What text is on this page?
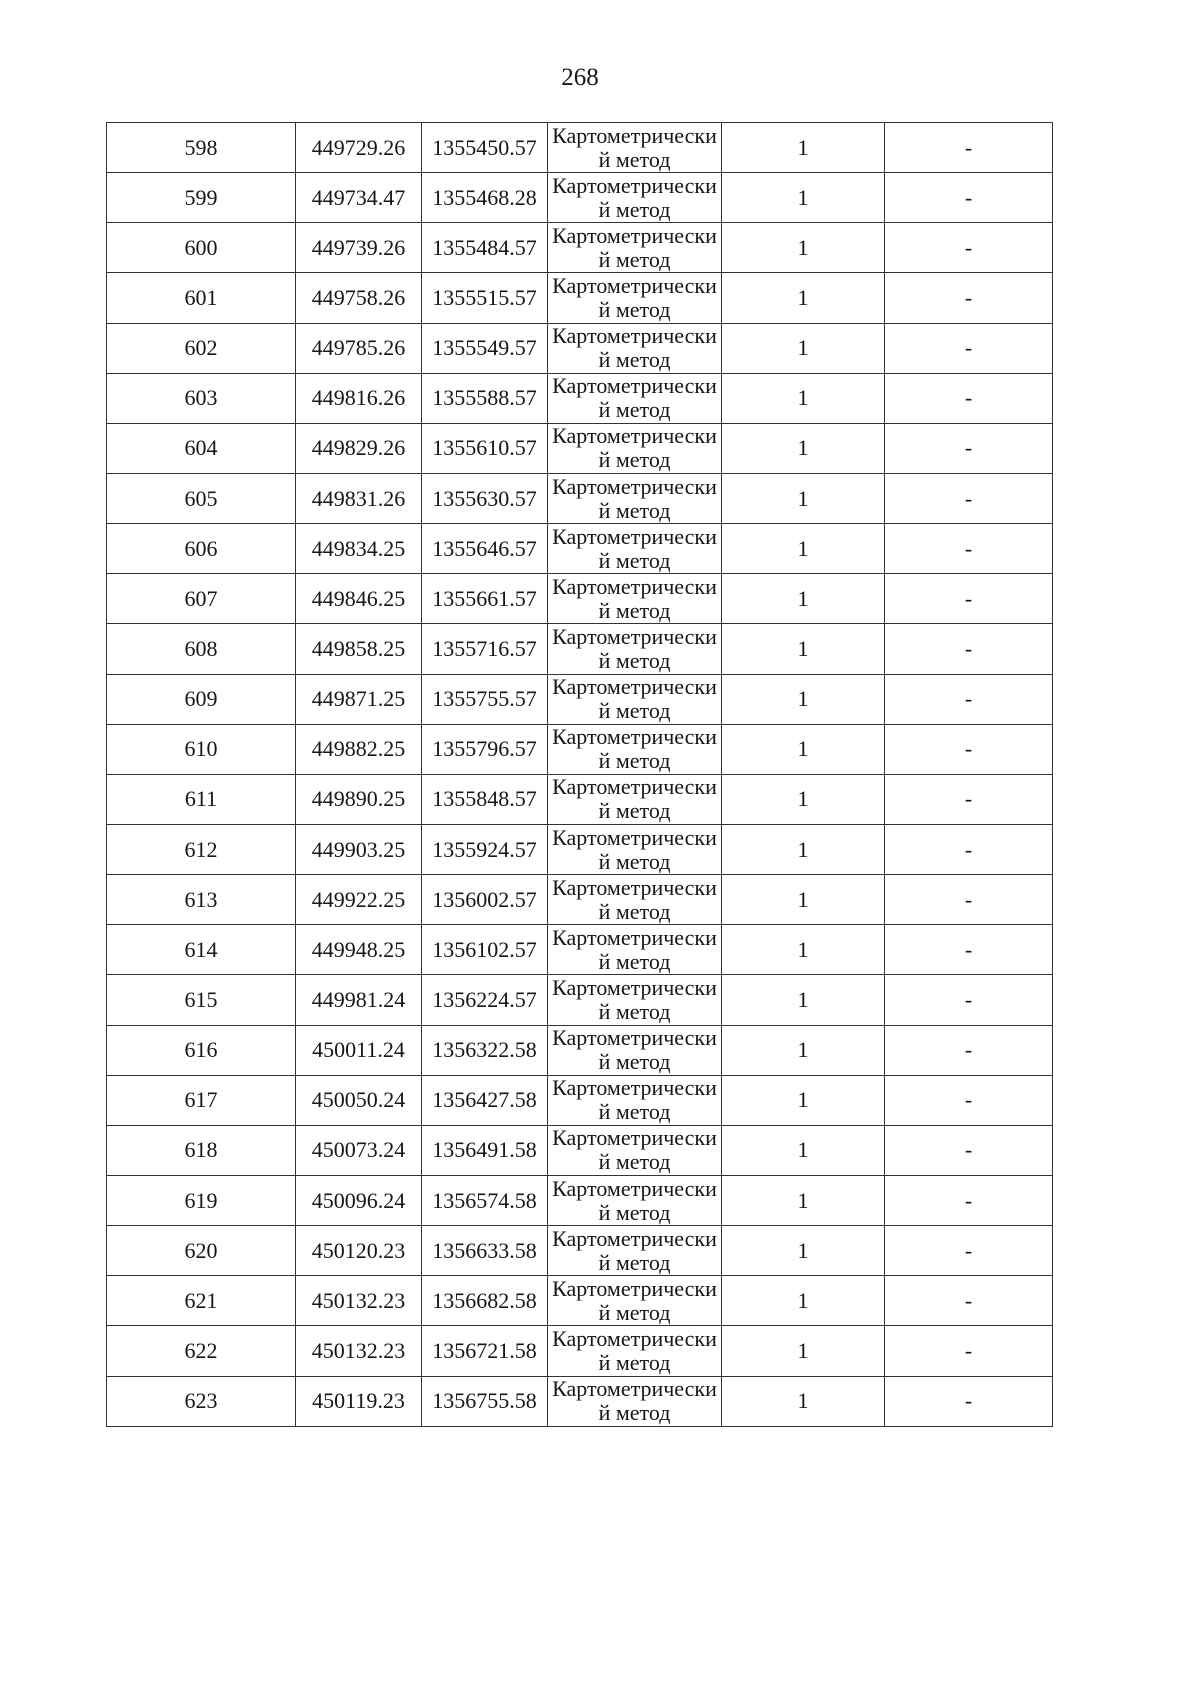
268
598	449729.26	1355450.57	Картометрический метод	1	-
599	449734.47	1355468.28	Картометрический метод	1	-
600	449739.26	1355484.57	Картометрический метод	1	-
601	449758.26	1355515.57	Картометрический метод	1	-
602	449785.26	1355549.57	Картометрический метод	1	-
603	449816.26	1355588.57	Картометрический метод	1	-
604	449829.26	1355610.57	Картометрический метод	1	-
605	449831.26	1355630.57	Картометрический метод	1	-
606	449834.25	1355646.57	Картометрический метод	1	-
607	449846.25	1355661.57	Картометрический метод	1	-
608	449858.25	1355716.57	Картометрический метод	1	-
609	449871.25	1355755.57	Картометрический метод	1	-
610	449882.25	1355796.57	Картометрический метод	1	-
611	449890.25	1355848.57	Картометрический метод	1	-
612	449903.25	1355924.57	Картометрический метод	1	-
613	449922.25	1356002.57	Картометрический метод	1	-
614	449948.25	1356102.57	Картометрический метод	1	-
615	449981.24	1356224.57	Картометрический метод	1	-
616	450011.24	1356322.58	Картометрический метод	1	-
617	450050.24	1356427.58	Картометрический метод	1	-
618	450073.24	1356491.58	Картометрический метод	1	-
619	450096.24	1356574.58	Картометрический метод	1	-
620	450120.23	1356633.58	Картометрический метод	1	-
621	450132.23	1356682.58	Картометрический метод	1	-
622	450132.23	1356721.58	Картометрический метод	1	-
623	450119.23	1356755.58	Картометрический метод	1	-
